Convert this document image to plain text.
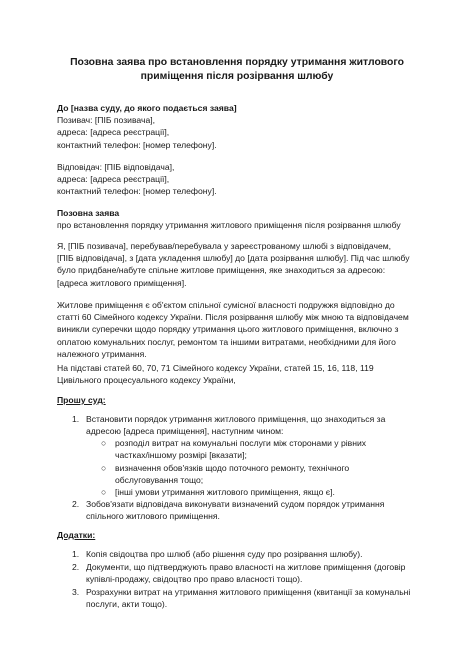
Позовна заява про встановлення порядку утримання житлового
приміщення після розірвання шлюбу
До [назва суду, до якого подається заява]
Позивач: [ПІБ позивача],
адреса: [адреса реєстрації],
контактний телефон: [номер телефону].
Відповідач: [ПІБ відповідача],
адреса: [адреса реєстрації],
контактний телефон: [номер телефону].
Позовна заява
про встановлення порядку утримання житлового приміщення після розірвання шлюбу
Я, [ПІБ позивача], перебував/перебувала у зареєстрованому шлюбі з відповідачем,
[ПІБ відповідача], з [дата укладення шлюбу] до [дата розірвання шлюбу]. Під час шлюбу
було придбане/набуте спільне житлове приміщення, яке знаходиться за адресою:
[адреса житлового приміщення].
Житлове приміщення є об'єктом спільної сумісної власності подружжя відповідно до
статті 60 Сімейного кодексу України. Після розірвання шлюбу між мною та відповідачем
виникли суперечки щодо порядку утримання цього житлового приміщення, включно з
оплатою комунальних послуг, ремонтом та іншими витратами, необхідними для його
належного утримання.
На підставі статей 60, 70, 71 Сімейного кодексу України, статей 15, 16, 118, 119
Цивільного процесуального кодексу України,
Прошу суд:
1. Встановити порядок утримання житлового приміщення, що знаходиться за
адресою [адреса приміщення], наступним чином:
○ розподіл витрат на комунальні послуги між сторонами у рівних
частках/іншому розмірі [вказати];
○ визначення обов'язків щодо поточного ремонту, технічного
обслуговування тощо;
○ [інші умови утримання житлового приміщення, якщо є].
2. Зобов'язати відповідача виконувати визначений судом порядок утримання
спільного житлового приміщення.
Додатки:
1. Копія свідоцтва про шлюб (або рішення суду про розірвання шлюбу).
2. Документи, що підтверджують право власності на житлове приміщення (договір
купівлі-продажу, свідоцтво про право власності тощо).
3. Розрахунки витрат на утримання житлового приміщення (квитанції за комунальні
послуги, акти тощо).
